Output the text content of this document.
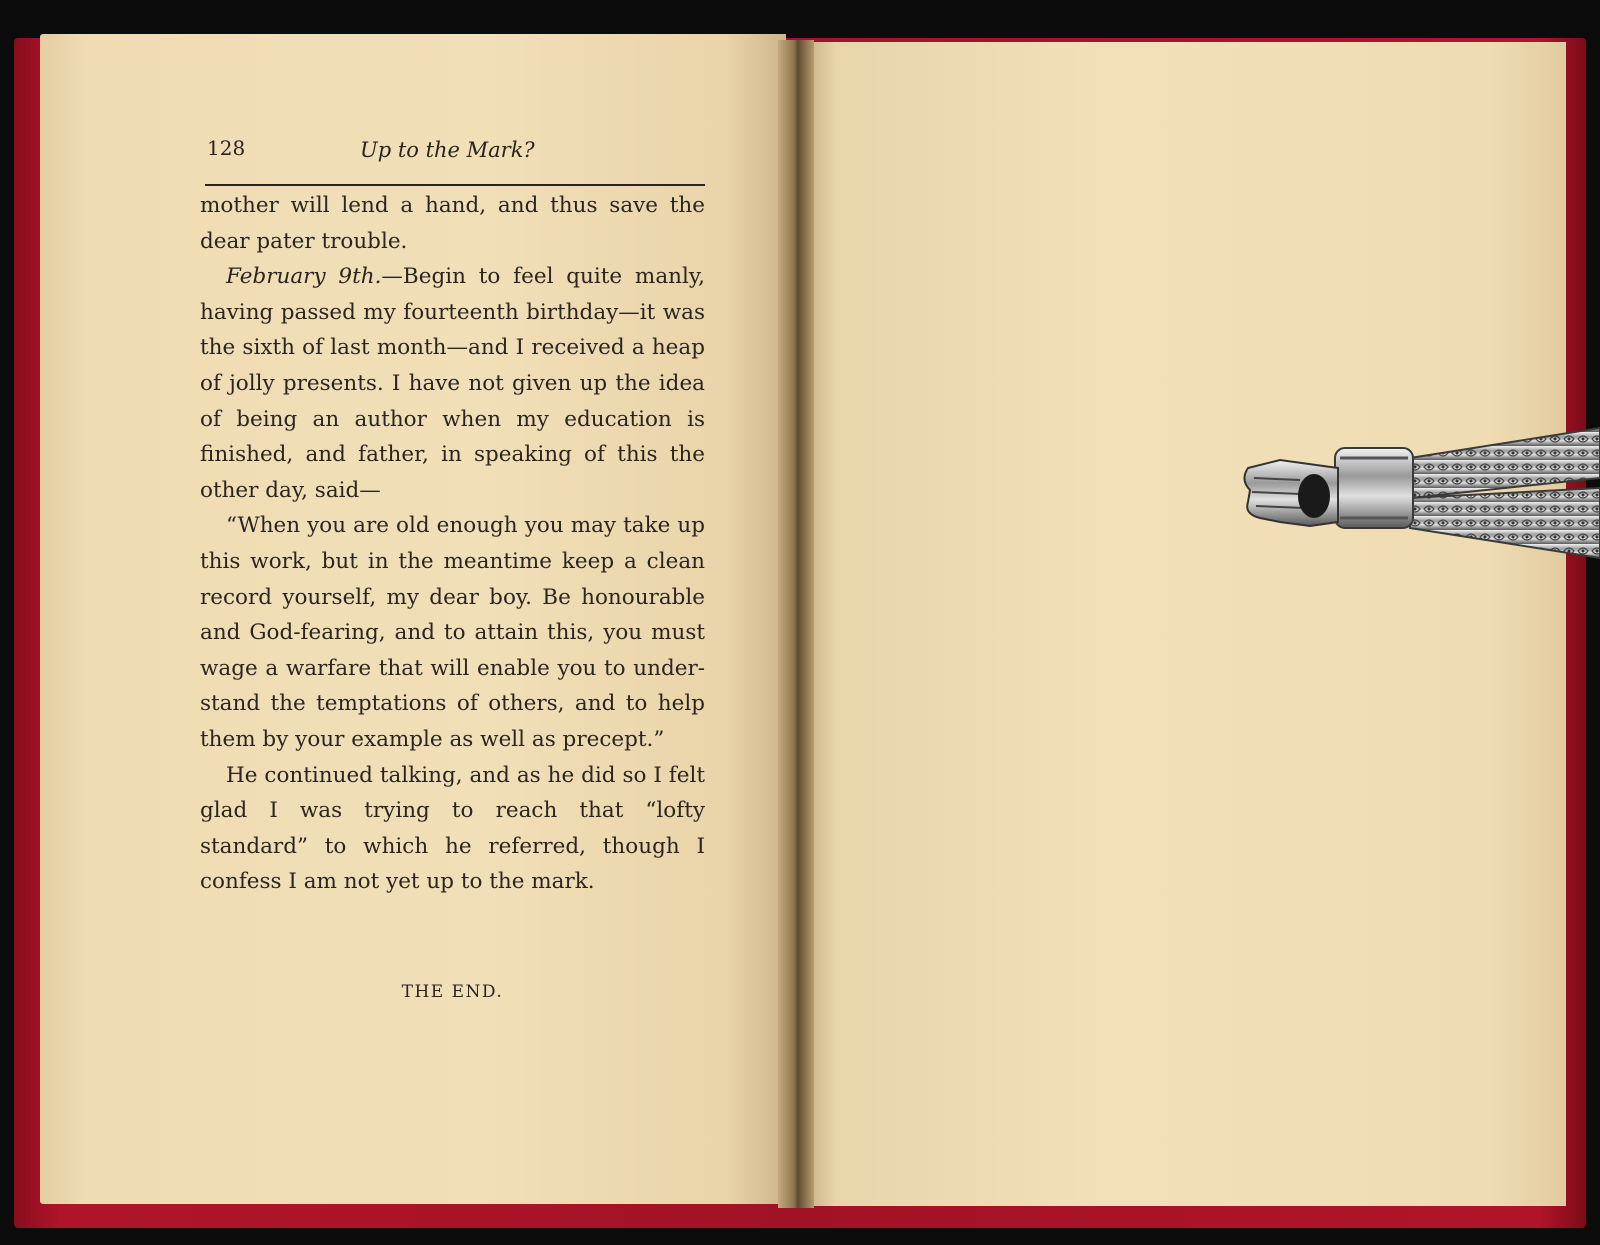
128	Up to the Mark?

mother will lend a hand, and thus save the dear pater trouble.

February 9th.—Begin to feel quite manly, having passed my fourteenth birthday—it was the sixth of last month—and I received a heap of jolly presents. I have not given up the idea of being an author when my education is finished, and father, in speaking of this the other day, said—

“When you are old enough you may take up this work, but in the meantime keep a clean record yourself, my dear boy. Be honourable and God-fearing, and to attain this, you must wage a warfare that will enable you to understand the temptations of others, and to help them by your example as well as precept.”

He continued talking, and as he did so I felt glad I was trying to reach that “lofty standard” to which he referred, though I confess I am not yet up to the mark.

THE END.
